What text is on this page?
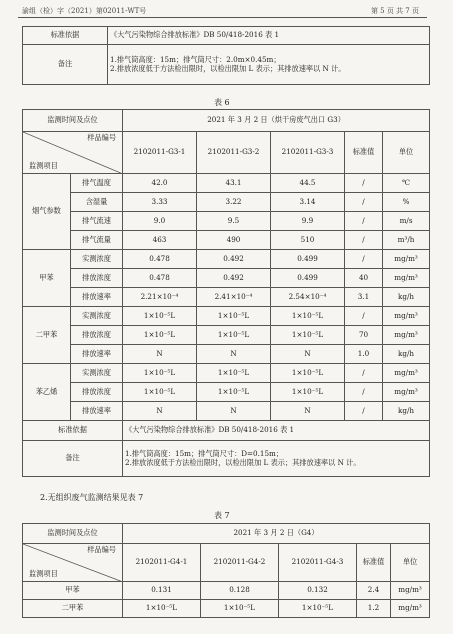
渝组（检）字（2021）第02011-WT号	第 5 页 共 7 页
标准依据	《大气污染物综合排放标准》DB 50/418-2016 表 1
备注	1.排气筒高度：15m；排气筒尺寸：2.0m×0.45m；
2.排放浓度低于方法检出限时，以检出限加 L 表示；其排放速率以 N 计。
表 6
监测时间及点位		2021 年 3 月 2 日（烘干房废气出口 G3）				

样品编号
监测项目		2102011-G3-1	2102011-G3-2	2102011-G3-3	标准值	单位
烟气参数	排气温度	42.0	43.1	44.5	/	℃
	含湿量	3.33	3.22	3.14	/	%
	排气流速	9.0	9.5	9.9	/	m/s
	排气流量	463	490	510	/	m³/h
甲苯	实测浓度	0.478	0.492	0.499	/	mg/m³
	排放浓度	0.478	0.492	0.499	40	mg/m³
	排放速率	2.21×10⁻⁴	2.41×10⁻⁴	2.54×10⁻⁴	3.1	kg/h
二甲苯	实测浓度	1×10⁻⁵L	1×10⁻⁵L	1×10⁻⁵L	/	mg/m³
	排放浓度	1×10⁻⁵L	1×10⁻⁵L	1×10⁻⁵L	70	mg/m³
	排放速率	N	N	N	1.0	kg/h
苯乙烯	实测浓度	1×10⁻⁵L	1×10⁻⁵L	1×10⁻⁵L	/	mg/m³
	排放浓度	1×10⁻⁵L	1×10⁻⁵L	1×10⁻⁵L	/	mg/m³
	排放速率	N	N	N	/	kg/h
标准依据		《大气污染物综合排放标准》DB 50/418-2016 表 1				
备注		1.排气筒高度：15m；排气筒尺寸：D=0.15m；
2.排放浓度低于方法检出限时，以检出限加 L 表示；其排放速率以 N 计。				
2.无组织废气监测结果见表 7
表 7
监测时间及点位	2021 年 3 月 2 日（G4）				

样品编号
监测项目	2102011-G4-1	2102011-G4-2	2102011-G4-3	标准值	单位
甲苯	0.131	0.128	0.132	2.4	mg/m³
二甲苯	1×10⁻⁵L	1×10⁻⁵L	1×10⁻⁵L	1.2	mg/m³
